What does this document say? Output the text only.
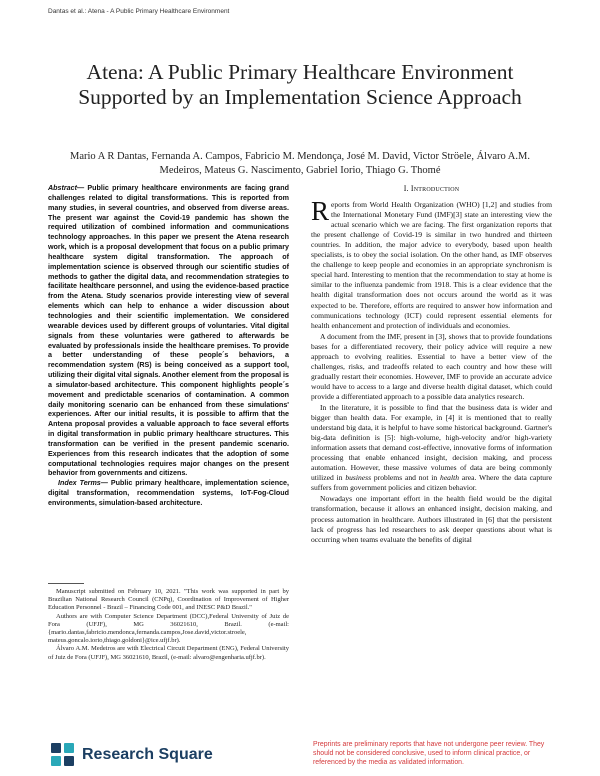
Dantas et al.: Atena - A Public Primary Healthcare Environment
Atena: A Public Primary Healthcare Environment Supported by an Implementation Science Approach
Mario A R Dantas, Fernanda A. Campos, Fabricio M. Mendonça, José M. David, Victor Ströele, Álvaro A.M. Medeiros, Mateus G. Nascimento, Gabriel Iorio, Thiago G. Thomé

Abstract— Public primary healthcare environments are facing grand challenges related to digital transformations. This is reported from many studies, in several countries, and observed from diverse areas. The present war against the Covid-19 pandemic has shown the required utilization of combined information and communications technology approaches. In this paper we present the Atena research work, which is a proposal development that focus on a public primary healthcare system digital transformation. The approach of implementation science is observed through our scientific studies of methods to gather the digital data, and recommendation strategies to facilitate healthcare personnel, and using the evidence-based practice from the Atena. Study scenarios provide interesting view of several elements which can help to enhance a wider discussion about technologies and their scientific implementation. We considered wearable devices used by different groups of voluntaries. Vital digital signals from these voluntaries were gathered to afterwards be evaluated by professionals inside the healthcare premises. To provide a better understanding of these people´s behaviors, a recommendation system (RS) is being conceived as a support tool, utilizing their digital vital signals. Another element from the proposal is a simulator-based architecture. This component highlights people´s movement and predictable scenarios of contamination. A common daily monitoring scenario can be enhanced from these simulations' experiences. After our initial results, it is possible to affirm that the Antena proposal provides a valuable approach to face several efforts in digital transformation in public primary healthcare structures. This transformation can be verified in the present pandemic scenario. Experiences from this research indicates that the adoption of some computational technologies requires major changes on the present behavior from governments and citizens.

Index Terms— Public primary healthcare, implementation science, digital transformation, recommendation systems, IoT-Fog-Cloud environments, simulation-based architecture.

Manuscript submitted on February 10, 2021. "This work was supported in part by Brazilian National Research Council (CNPq), Coordination of Improvement of Higher Education Personnel - Brazil – Financing Code 001, and INESC P&D Brazil."

Authors are with Computer Science Department (DCC),Federal University of Juiz de Fora (UFJF), MG 36021610, Brazil. (e-mail: {mario.dantas,fabricio.mendonca,fernanda.campos,Jose.david,victor.stroele, mateus.goncalo.iorio,thiago.goldoni}@ice.ufjf.br).

Álvaro A.M. Medeiros are with Electrical Circuit Department (ENG), Federal University of Juiz de Fora (UFJF), MG 36021610, Brazil, (e-mail: alvaro@engenharia.ufjf.br).

I. Introduction

Reports from World Health Organization (WHO) [1,2] and studies from the International Monetary Fund (IMF)[3] state an interesting view the actual scenario which we are facing. The first organization reports that the present challenge of Covid-19 is similar in two hundred and thirteen countries. In addition, the major advice to everybody, based upon health specialists, is to obey the social isolation. On the other hand, as IMF observes the challenge to keep people and economies in an appropriate synchronism is special hard. Interesting to mention that the recommendation to stay at home is similar to the influenza pandemic from 1918. This is a clear evidence that the health digital transformation does not occurs around the world as it was expected to be. Therefore, efforts are required to answer how information and communications technology (ICT) could represent essential elements for health enhancement and protection of individuals and economies.

A document from the IMF, present in [3], shows that to provide foundations bases for a differentiated recovery, their policy advice will require a new approach to evolving realities. Essential to have a better view of the challenges, risks, and tradeoffs related to each country and how these will gradually restart their economies. However, IMF to provide an accurate advice would have to access to a large and diverse health digital dataset, which could provide a differentiated approach to a possible data analytics research.

In the literature, it is possible to find that the business data is wider and bigger than health data. For example, in [4] it is mentioned that to really understand big data, it is helpful to have some historical background. Gartner's big-data definition is [5]: high-volume, high-velocity and/or high-variety information assets that demand cost-effective, innovative forms of information processing that enable enhanced insight, decision making, and process automation. However, these massive volumes of data are being commonly utilized in business problems and not in health area. Where the data capture suffers from government policies and citizen behavior.

Nowadays one important effort in the health field would be the digital transformation, because it allows an enhanced insight, decision making, and process automation in healthcare. Authors illustrated in [6] that the persistent lack of progress has led researchers to ask deeper questions about what is occurring when teams evaluate the benefits of digital

Research Square
Preprints are preliminary reports that have not undergone peer review. They should not be considered conclusive, used to inform clinical practice, or referenced by the media as validated information.
